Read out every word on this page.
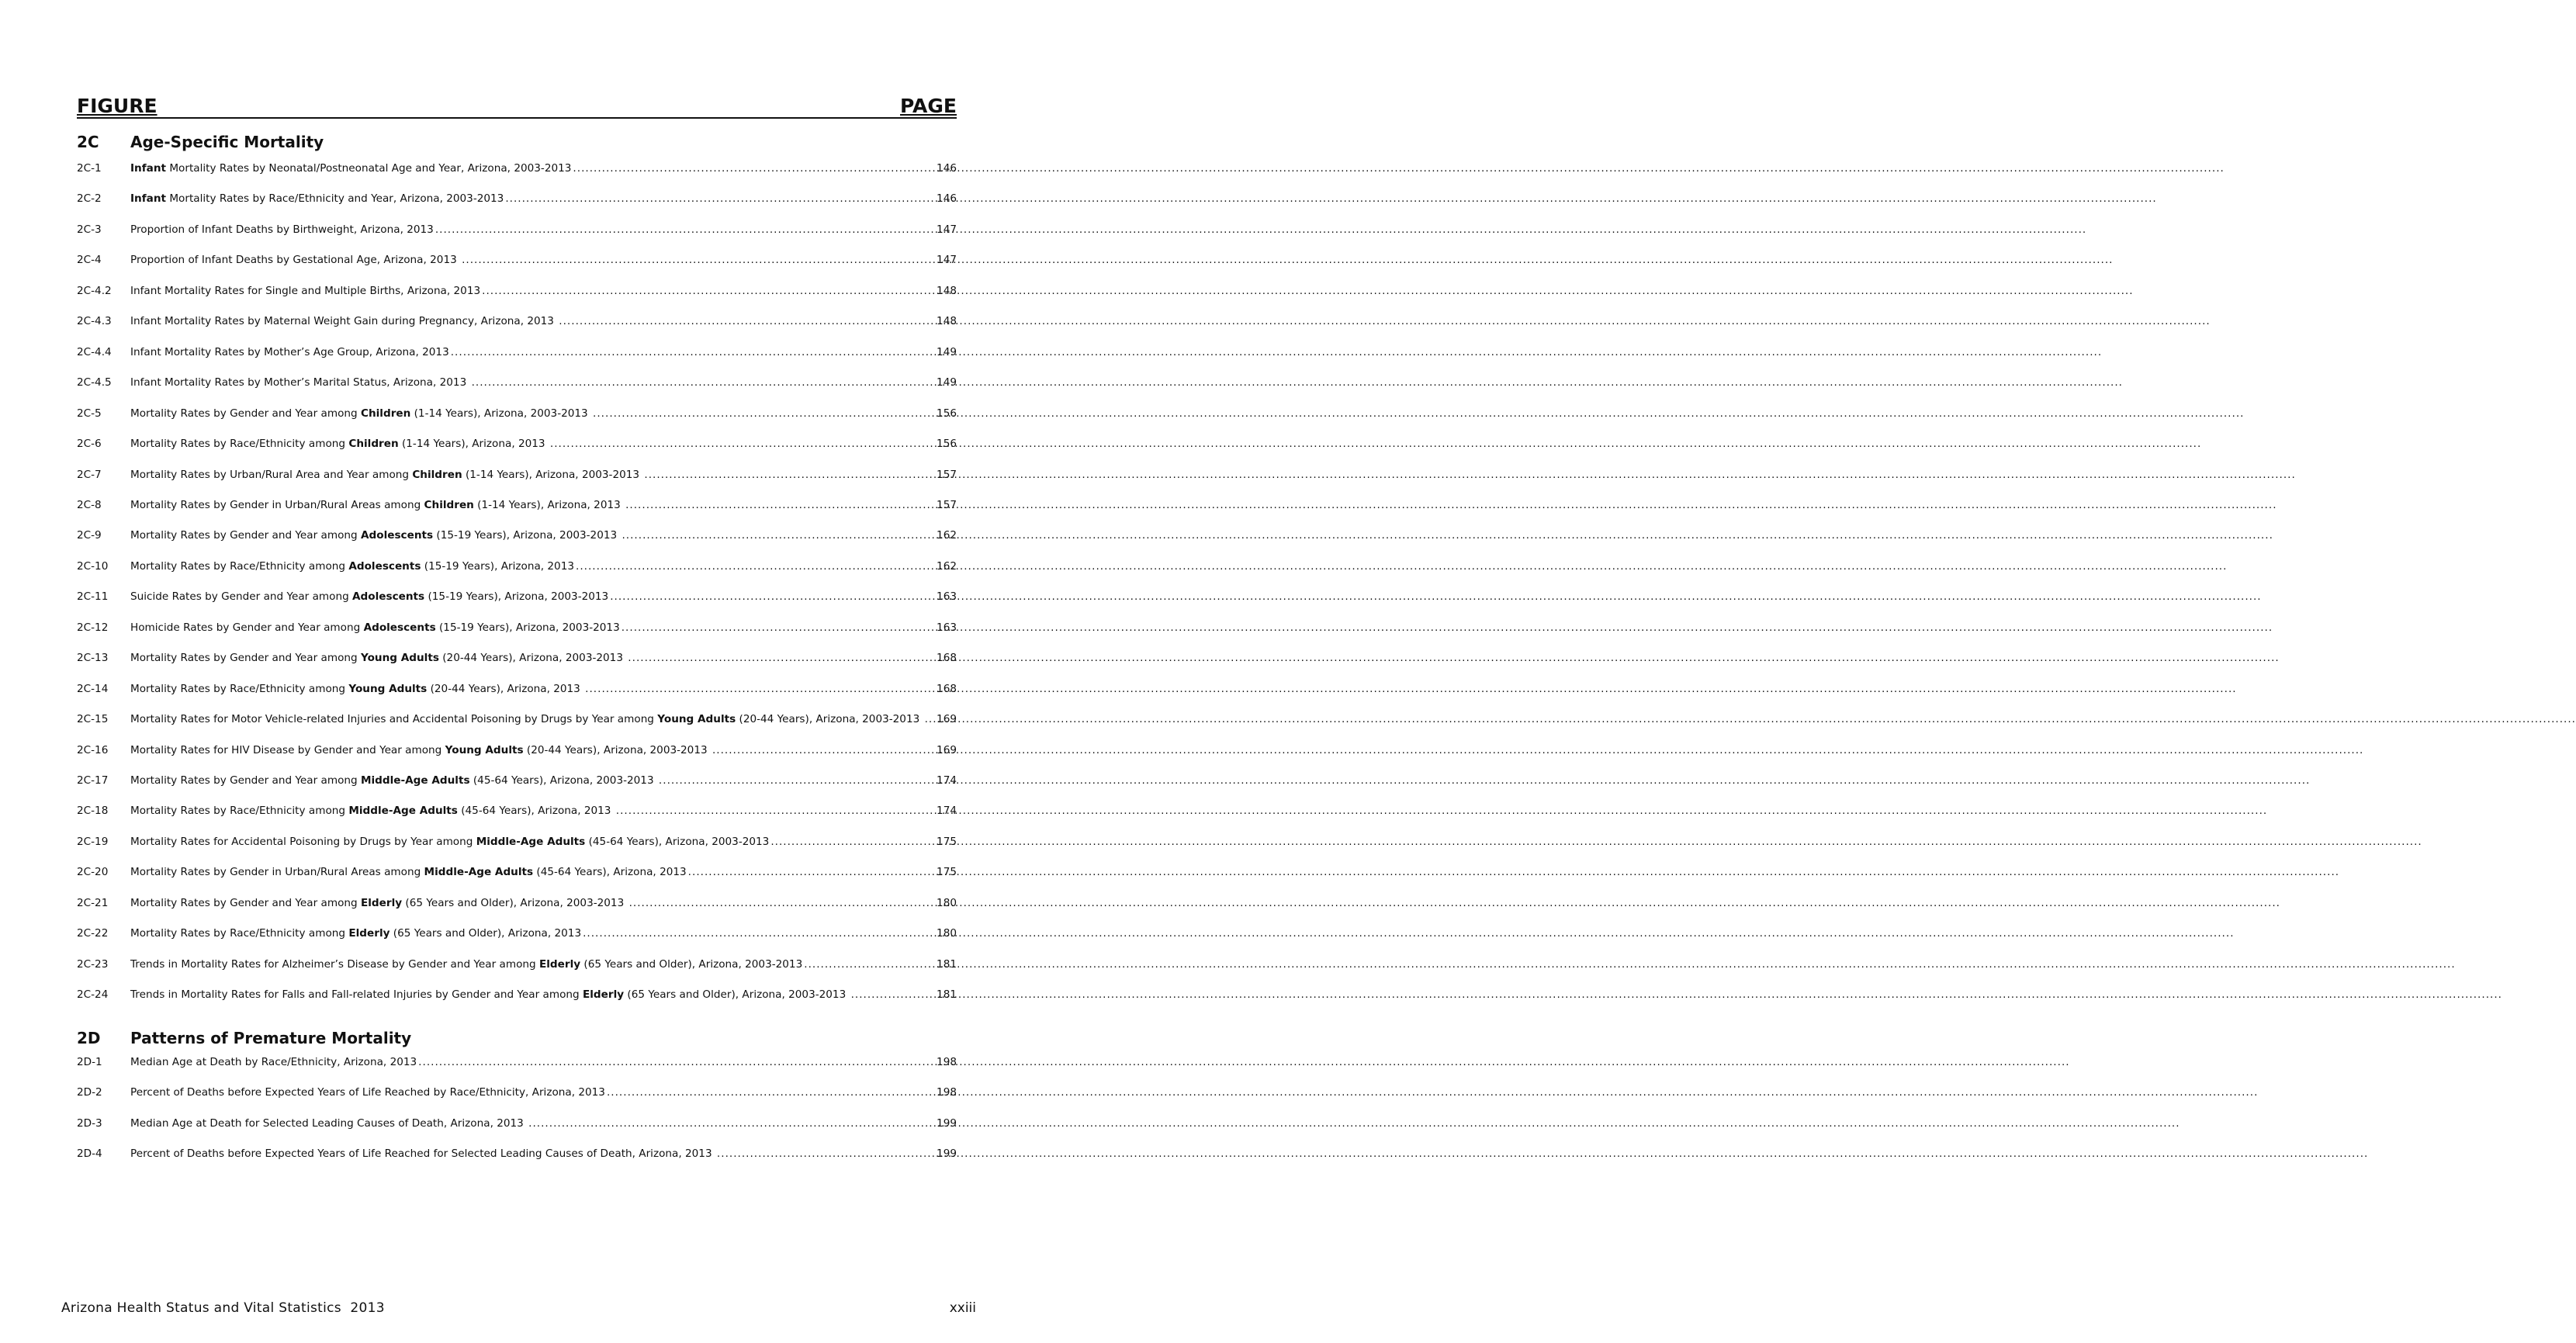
FIGURE	PAGE
2C	Age-Specific Mortality
2C-1	Infant Mortality Rates by Neonatal/Postneonatal Age and Year, Arizona, 2003-2013 .....	146
2C-2	Infant Mortality Rates by Race/Ethnicity and Year, Arizona, 2003-2013 .....	146
2C-3	Proportion of Infant Deaths by Birthweight, Arizona, 2013 .....	147
2C-4	Proportion of Infant Deaths by Gestational Age, Arizona, 2013 .....	147
2C-4.2	Infant Mortality Rates for Single and Multiple Births, Arizona, 2013 .....	148
2C-4.3	Infant Mortality Rates by Maternal Weight Gain during Pregnancy, Arizona, 2013 .....	148
2C-4.4	Infant Mortality Rates by Mother’s Age Group, Arizona, 2013 .....	149
2C-4.5	Infant Mortality Rates by Mother’s Marital Status, Arizona, 2013 .....	149
2C-5	Mortality Rates by Gender and Year among Children (1-14 Years), Arizona, 2003-2013 .....	156
2C-6	Mortality Rates by Race/Ethnicity among Children (1-14 Years), Arizona, 2013 .....	156
2C-7	Mortality Rates by Urban/Rural Area and Year among Children (1-14 Years), Arizona, 2003-2013 .....	157
2C-8	Mortality Rates by Gender in Urban/Rural Areas among Children (1-14 Years), Arizona, 2013 .....	157
2C-9	Mortality Rates by Gender and Year among Adolescents (15-19 Years), Arizona, 2003-2013 .....	162
2C-10	Mortality Rates by Race/Ethnicity among Adolescents (15-19 Years), Arizona, 2013 .....	162
2C-11	Suicide Rates by Gender and Year among Adolescents (15-19 Years), Arizona, 2003-2013 .....	163
2C-12	Homicide Rates by Gender and Year among Adolescents (15-19 Years), Arizona, 2003-2013 .....	163
2C-13	Mortality Rates by Gender and Year among Young Adults (20-44 Years), Arizona, 2003-2013 .....	168
2C-14	Mortality Rates by Race/Ethnicity among Young Adults (20-44 Years), Arizona, 2013 .....	168
2C-15	Mortality Rates for Motor Vehicle-related Injuries and Accidental Poisoning by Drugs by Year among Young Adults (20-44 Years), Arizona, 2003-2013 ..... 169
2C-16	Mortality Rates for HIV Disease by Gender and Year among Young Adults (20-44 Years), Arizona, 2003-2013 .....	169
2C-17	Mortality Rates by Gender and Year among Middle-Age Adults (45-64 Years), Arizona, 2003-2013 .....	174
2C-18	Mortality Rates by Race/Ethnicity among Middle-Age Adults (45-64 Years), Arizona, 2013 .....	174
2C-19	Mortality Rates for Accidental Poisoning by Drugs by Year among Middle-Age Adults (45-64 Years), Arizona, 2003-2013 .....	175
2C-20	Mortality Rates by Gender in Urban/Rural Areas among Middle-Age Adults (45-64 Years), Arizona, 2013 .....	175
2C-21	Mortality Rates by Gender and Year among Elderly (65 Years and Older), Arizona, 2003-2013 .....	180
2C-22	Mortality Rates by Race/Ethnicity among Elderly (65 Years and Older), Arizona, 2013 .....	180
2C-23	Trends in Mortality Rates for Alzheimer’s Disease by Gender and Year among Elderly (65 Years and Older), Arizona, 2003-2013 .....	181
2C-24	Trends in Mortality Rates for Falls and Fall-related Injuries by Gender and Year among Elderly (65 Years and Older), Arizona, 2003-2013 .....	181
2D	Patterns of Premature Mortality
2D-1	Median Age at Death by Race/Ethnicity, Arizona, 2013 .....	198
2D-2	Percent of Deaths before Expected Years of Life Reached by Race/Ethnicity, Arizona, 2013 .....	198
2D-3	Median Age at Death for Selected Leading Causes of Death, Arizona, 2013 .....	199
2D-4	Percent of Deaths before Expected Years of Life Reached for Selected Leading Causes of Death, Arizona, 2013 .....	199
Arizona Health Status and Vital Statistics  2013	xxiii
